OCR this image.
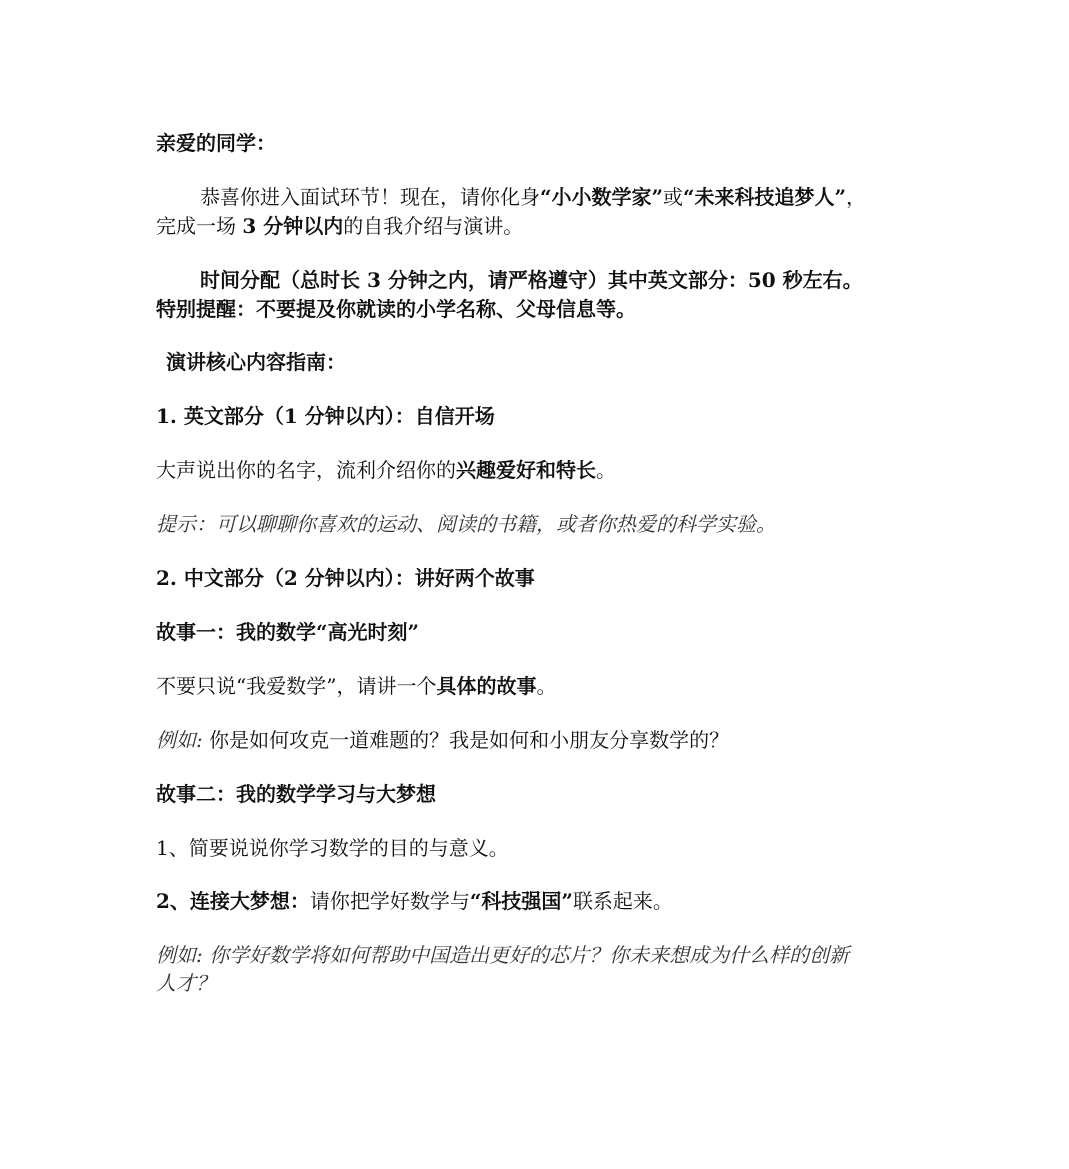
亲爱的同学：
恭喜你进入面试环节！现在，请你化身“小小数学家”或“未来科技追梦人”，
完成一场 3 分钟以内的自我介绍与演讲。
时间分配（总时长 3 分钟之内，请严格遵守）其中英文部分：50 秒左右。
特别提醒：不要提及你就读的小学名称、父母信息等。
演讲核心内容指南：
1. 英文部分（1 分钟以内）：自信开场
大声说出你的名字，流利介绍你的兴趣爱好和特长。
提示：可以聊聊你喜欢的运动、阅读的书籍，或者你热爱的科学实验。
2. 中文部分（2 分钟以内）：讲好两个故事
故事一：我的数学“高光时刻”
不要只说“我爱数学”，请讲一个具体的故事。
例如: 你是如何攻克一道难题的？我是如何和小朋友分享数学的？
故事二：我的数学学习与大梦想
1、简要说说你学习数学的目的与意义。
2、连接大梦想：请你把学好数学与“科技强国”联系起来。
例如: 你学好数学将如何帮助中国造出更好的芯片？你未来想成为什么样的创新
人才？
